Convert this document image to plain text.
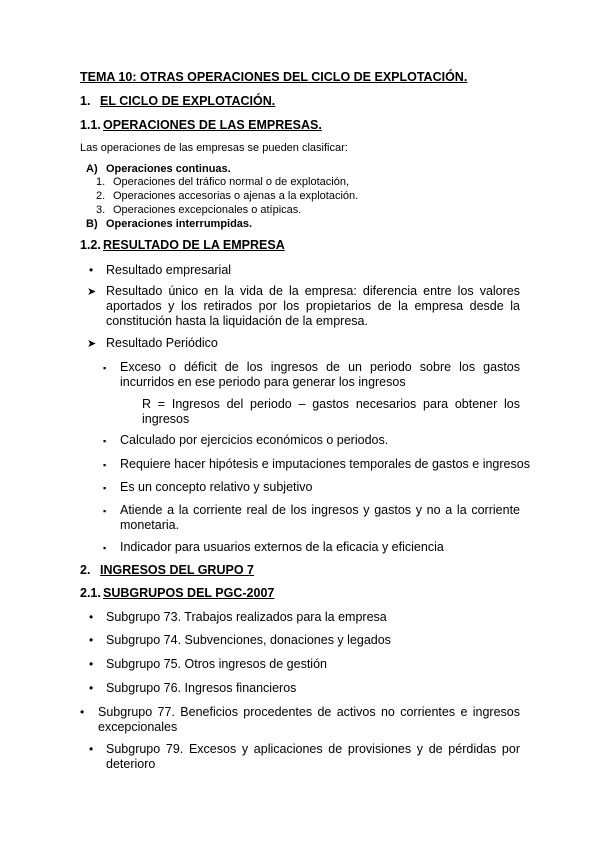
TEMA 10: OTRAS OPERACIONES DEL CICLO DE EXPLOTACIÓN.
1. EL CICLO DE EXPLOTACIÓN.
1.1. OPERACIONES DE LAS EMPRESAS.
Las operaciones de las empresas se pueden clasificar:
A) Operaciones continuas.
1. Operaciones del tráfico normal o de explotación,
2. Operaciones accesorias o ajenas a la explotación.
3. Operaciones excepcionales o atípicas.
B) Operaciones interrumpidas.
1.2. RESULTADO DE LA EMPRESA
• Resultado empresarial
➤ Resultado único en la vida de la empresa: diferencia entre los valores aportados y los retirados por los propietarios de la empresa desde la constitución hasta la liquidación de la empresa.
➤ Resultado Periódico
▪ Exceso o déficit de los ingresos de un periodo sobre los gastos incurridos en ese periodo para generar los ingresos
R = Ingresos del periodo – gastos necesarios para obtener los ingresos
▪ Calculado por ejercicios económicos o periodos.
▪ Requiere hacer hipótesis e imputaciones temporales de gastos e ingresos
▪ Es un concepto relativo y subjetivo
▪ Atiende a la corriente real de los ingresos y gastos y no a la corriente monetaria.
▪ Indicador para usuarios externos de la eficacia y eficiencia
2. INGRESOS DEL GRUPO 7
2.1. SUBGRUPOS DEL PGC-2007
• Subgrupo 73. Trabajos realizados para la empresa
• Subgrupo 74. Subvenciones, donaciones y legados
• Subgrupo 75. Otros ingresos de gestión
• Subgrupo 76. Ingresos financieros
• Subgrupo 77. Beneficios procedentes de activos no corrientes e ingresos excepcionales
• Subgrupo 79. Excesos y aplicaciones de provisiones y de pérdidas por deterioro
